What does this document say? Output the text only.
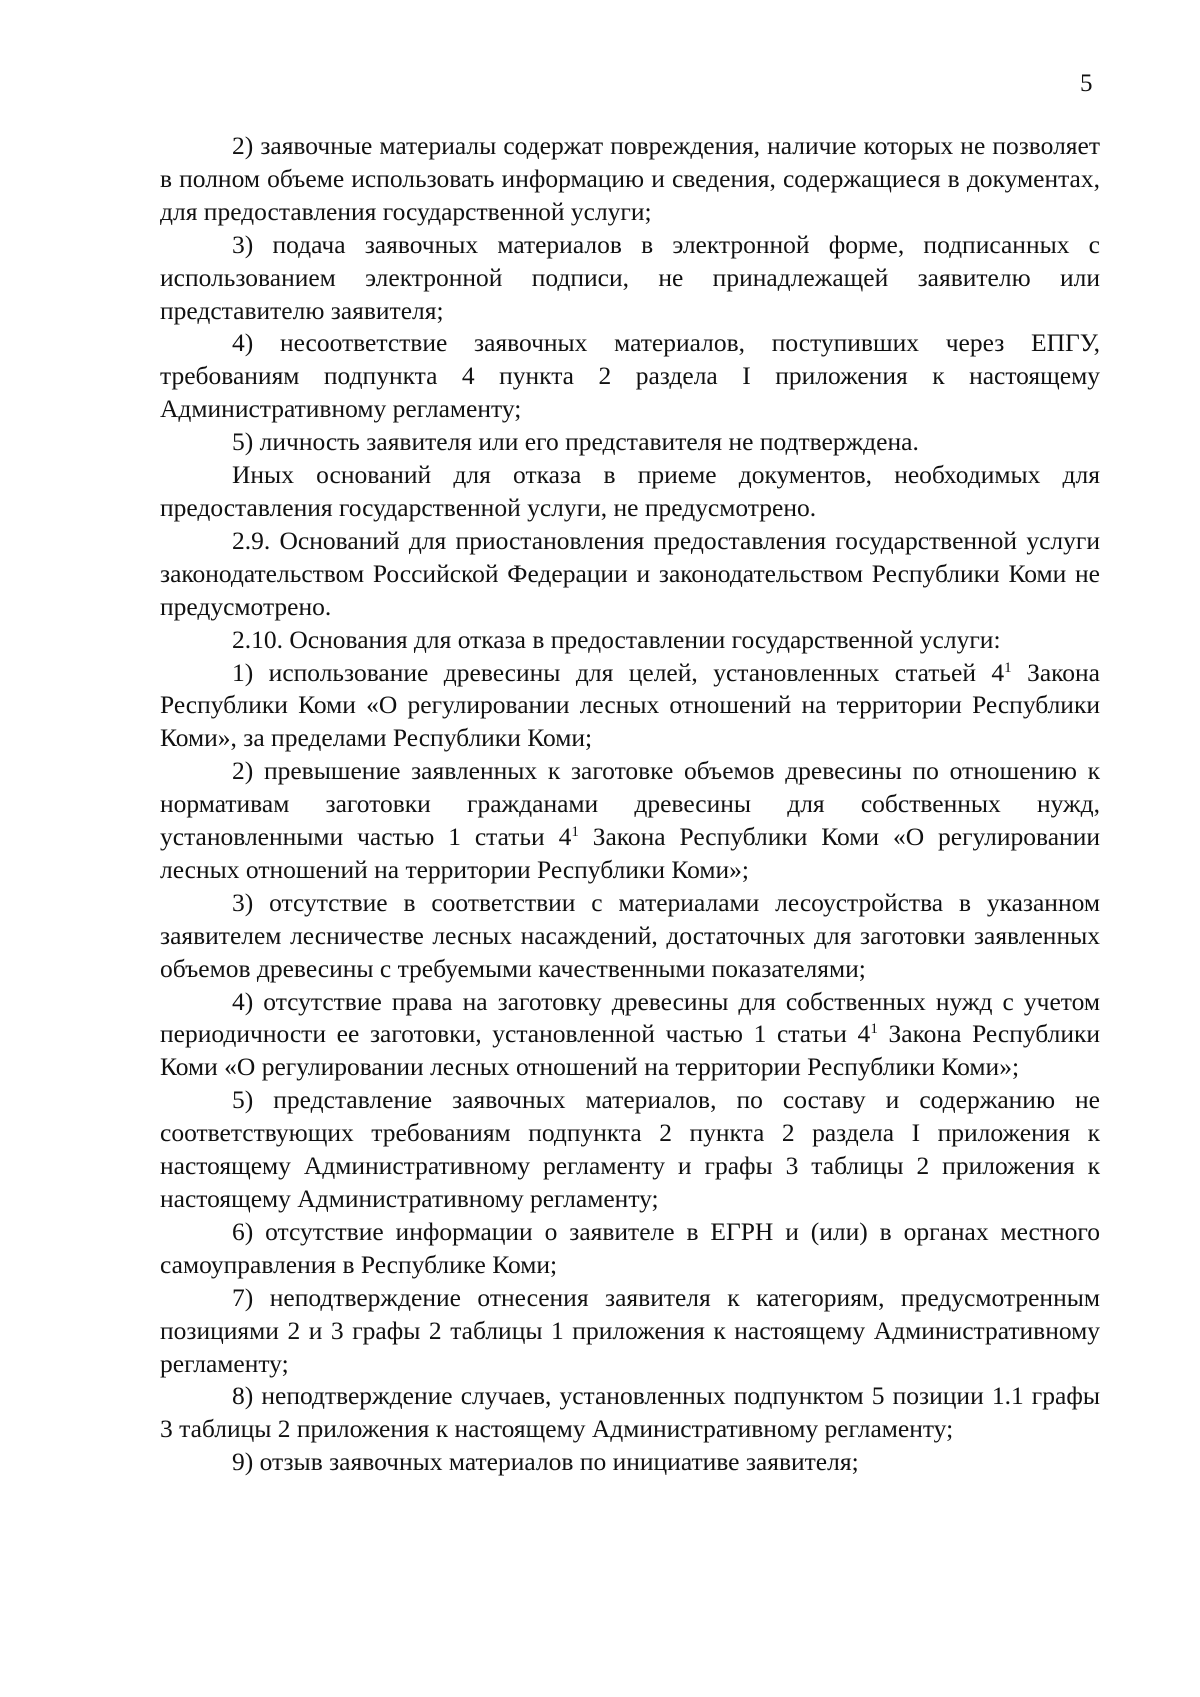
5

2) заявочные материалы содержат повреждения, наличие которых не позволяет в полном объеме использовать информацию и сведения, содержащиеся в документах, для предоставления государственной услуги;

3) подача заявочных материалов в электронной форме, подписанных с использованием электронной подписи, не принадлежащей заявителю или представителю заявителя;

4) несоответствие заявочных материалов, поступивших через ЕПГУ, требованиям подпункта 4 пункта 2 раздела I приложения к настоящему Административному регламенту;

5) личность заявителя или его представителя не подтверждена.

Иных оснований для отказа в приеме документов, необходимых для предоставления государственной услуги, не предусмотрено.

2.9. Оснований для приостановления предоставления государственной услуги законодательством Российской Федерации и законодательством Республики Коми не предусмотрено.

2.10. Основания для отказа в предоставлении государственной услуги:

1) использование древесины для целей, установленных статьей $4^1$ Закона Республики Коми «О регулировании лесных отношений на территории Республики Коми», за пределами Республики Коми;

2) превышение заявленных к заготовке объемов древесины по отношению к нормативам заготовки гражданами древесины для собственных нужд, установленными частью 1 статьи $4^1$ Закона Республики Коми «О регулировании лесных отношений на территории Республики Коми»;

3) отсутствие в соответствии с материалами лесоустройства в указанном заявителем лесничестве лесных насаждений, достаточных для заготовки заявленных объемов древесины с требуемыми качественными показателями;

4) отсутствие права на заготовку древесины для собственных нужд с учетом периодичности ее заготовки, установленной частью 1 статьи $4^1$ Закона Республики Коми «О регулировании лесных отношений на территории Республики Коми»;

5) представление заявочных материалов, по составу и содержанию не соответствующих требованиям подпункта 2 пункта 2 раздела I приложения к настоящему Административному регламенту и графы 3 таблицы 2 приложения к настоящему Административному регламенту;

6) отсутствие информации о заявителе в ЕГРН и (или) в органах местного самоуправления в Республике Коми;

7) неподтверждение отнесения заявителя к категориям, предусмотренным позициями 2 и 3 графы 2 таблицы 1 приложения к настоящему Административному регламенту;

8) неподтверждение случаев, установленных подпунктом 5 позиции 1.1 графы 3 таблицы 2 приложения к настоящему Административному регламенту;

9) отзыв заявочных материалов по инициативе заявителя;
